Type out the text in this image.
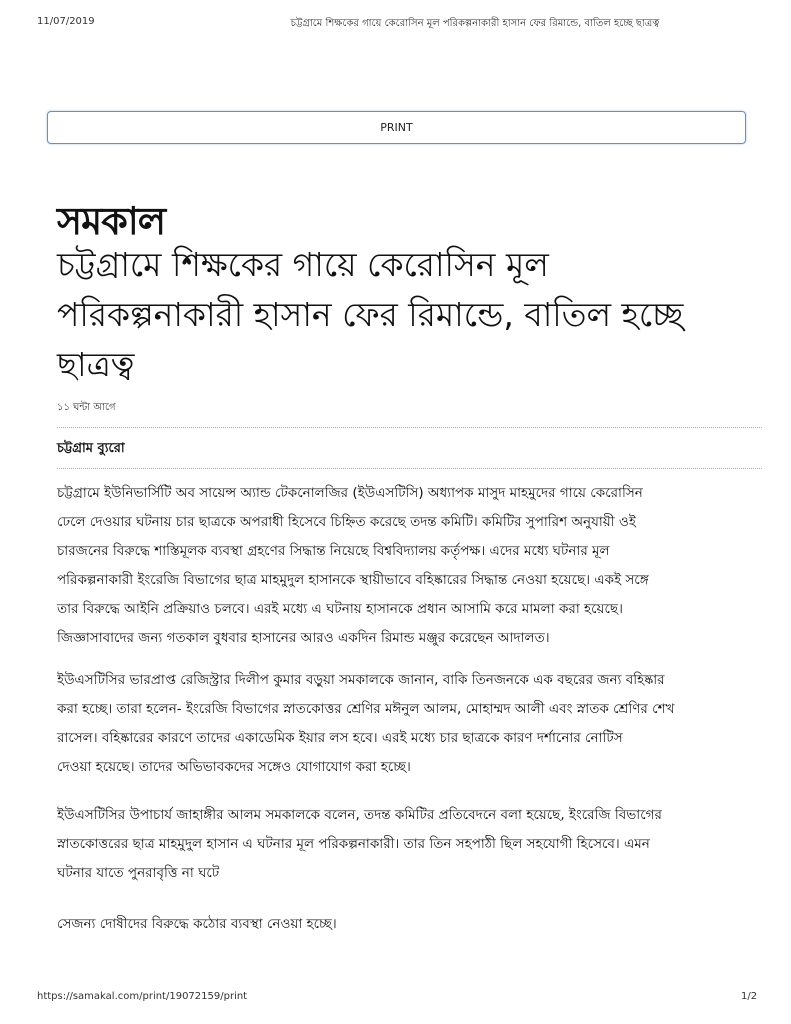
11/07/2019	চট্টগ্রামে শিক্ষকের গায়ে কেরোসিন মূল পরিকল্পনাকারী হাসান ফের রিমান্ডে, বাতিল হচ্ছে ছাত্রত্ব
PRINT
সমকাল
চট্টগ্রামে শিক্ষকের গায়ে কেরোসিন মূল
পরিকল্পনাকারী হাসান ফের রিমান্ডে, বাতিল হচ্ছে
ছাত্রত্ব
১১ ঘন্টা আগে
চট্টগ্রাম ব্যুরো
চট্টগ্রামে ইউনিভার্সিটি অব সায়েন্স অ্যান্ড টেকনোলজির (ইউএসটিসি) অধ্যাপক মাসুদ মাহমুদের গায়ে কেরোসিন
ঢেলে দেওয়ার ঘটনায় চার ছাত্রকে অপরাধী হিসেবে চিহ্নিত করেছে তদন্ত কমিটি। কমিটির সুপারিশ অনুযায়ী ওই
চারজনের বিরুদ্ধে শাস্তিমূলক ব্যবস্থা গ্রহণের সিদ্ধান্ত নিয়েছে বিশ্ববিদ্যালয় কর্তৃপক্ষ। এদের মধ্যে ঘটনার মূল
পরিকল্পনাকারী ইংরেজি বিভাগের ছাত্র মাহমুদুল হাসানকে স্থায়ীভাবে বহিষ্কারের সিদ্ধান্ত নেওয়া হয়েছে। একই সঙ্গে
তার বিরুদ্ধে আইনি প্রক্রিয়াও চলবে। এরই মধ্যে এ ঘটনায় হাসানকে প্রধান আসামি করে মামলা করা হয়েছে।
জিজ্ঞাসাবাদের জন্য গতকাল বুধবার হাসানের আরও একদিন রিমান্ড মঞ্জুর করেছেন আদালত।
ইউএসটিসির ভারপ্রাপ্ত রেজিস্ট্রার দিলীপ কুমার বড়ুয়া সমকালকে জানান, বাকি তিনজনকে এক বছরের জন্য বহিষ্কার
করা হচ্ছে। তারা হলেন- ইংরেজি বিভাগের স্নাতকোত্তর শ্রেণির মঈনুল আলম, মোহাম্মদ আলী এবং স্নাতক শ্রেণির শেখ
রাসেল। বহিষ্কারের কারণে তাদের একাডেমিক ইয়ার লস হবে। এরই মধ্যে চার ছাত্রকে কারণ দর্শানোর নোটিস
দেওয়া হয়েছে। তাদের অভিভাবকদের সঙ্গেও যোগাযোগ করা হচ্ছে।
ইউএসটিসির উপাচার্য জাহাঙ্গীর আলম সমকালকে বলেন, তদন্ত কমিটির প্রতিবেদনে বলা হয়েছে, ইংরেজি বিভাগের
স্নাতকোত্তরের ছাত্র মাহমুদুল হাসান এ ঘটনার মূল পরিকল্পনাকারী। তার তিন সহপাঠী ছিল সহযোগী হিসেবে। এমন
ঘটনার যাতে পুনরাবৃত্তি না ঘটে
সেজন্য দোষীদের বিরুদ্ধে কঠোর ব্যবস্থা নেওয়া হচ্ছে।
https://samakal.com/print/19072159/print	1/2
